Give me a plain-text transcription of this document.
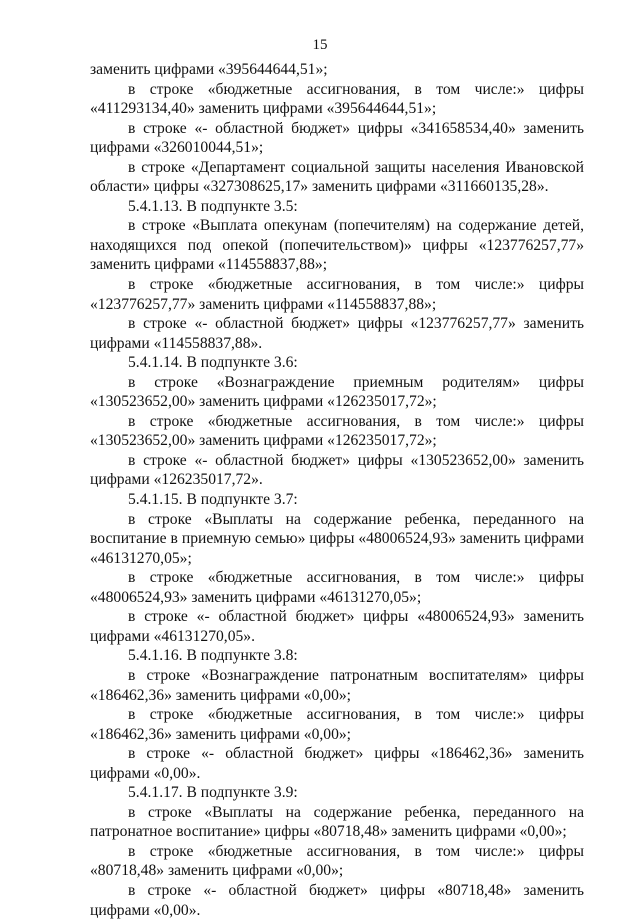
15

заменить цифрами «395644644,51»;

в строке «бюджетные ассигнования, в том числе:» цифры «411293134,40» заменить цифрами «395644644,51»;

в строке «- областной бюджет» цифры «341658534,40» заменить цифрами «326010044,51»;

в строке «Департамент социальной защиты населения Ивановской области» цифры «327308625,17» заменить цифрами «311660135,28».

5.4.1.13. В подпункте 3.5:

в строке «Выплата опекунам (попечителям) на содержание детей, находящихся под опекой (попечительством)» цифры «123776257,77» заменить цифрами «114558837,88»;

в строке «бюджетные ассигнования, в том числе:» цифры «123776257,77» заменить цифрами «114558837,88»;

в строке «- областной бюджет» цифры «123776257,77» заменить цифрами «114558837,88».

5.4.1.14. В подпункте 3.6:

в строке «Вознаграждение приемным родителям» цифры «130523652,00» заменить цифрами «126235017,72»;

в строке «бюджетные ассигнования, в том числе:» цифры «130523652,00» заменить цифрами «126235017,72»;

в строке «- областной бюджет» цифры «130523652,00» заменить цифрами «126235017,72».

5.4.1.15. В подпункте 3.7:

в строке «Выплаты на содержание ребенка, переданного на воспитание в приемную семью» цифры «48006524,93» заменить цифрами «46131270,05»;

в строке «бюджетные ассигнования, в том числе:» цифры «48006524,93» заменить цифрами «46131270,05»;

в строке «- областной бюджет» цифры «48006524,93» заменить цифрами «46131270,05».

5.4.1.16. В подпункте 3.8:

в строке «Вознаграждение патронатным воспитателям» цифры «186462,36» заменить цифрами «0,00»;

в строке «бюджетные ассигнования, в том числе:» цифры «186462,36» заменить цифрами «0,00»;

в строке «- областной бюджет» цифры «186462,36» заменить цифрами «0,00».

5.4.1.17. В подпункте 3.9:

в строке «Выплаты на содержание ребенка, переданного на патронатное воспитание» цифры «80718,48» заменить цифрами «0,00»;

в строке «бюджетные ассигнования, в том числе:» цифры «80718,48» заменить цифрами «0,00»;

в строке «- областной бюджет» цифры «80718,48» заменить цифрами «0,00».
